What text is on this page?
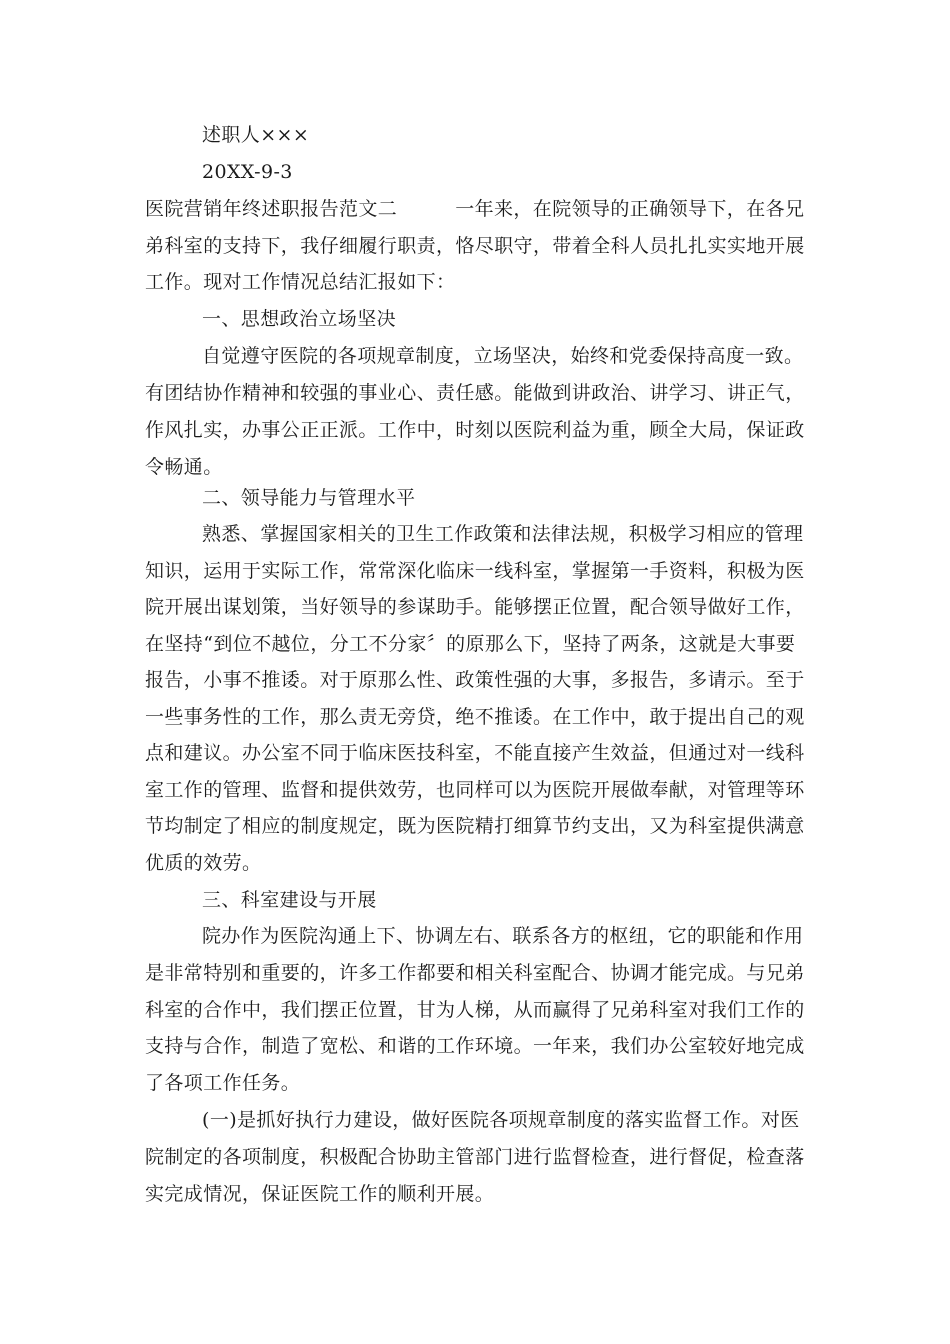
述职人×××
20XX-9-3
医院营销年终述职报告范文二	一年来，在院领导的正确领导下，在各兄
弟科室的支持下，我仔细履行职责，恪尽职守，带着全科人员扎扎实实地开展
工作。现对工作情况总结汇报如下：
一、思想政治立场坚决
自觉遵守医院的各项规章制度，立场坚决，始终和党委保持高度一致。
有团结协作精神和较强的事业心、责任感。能做到讲政治、讲学习、讲正气，
作风扎实，办事公正正派。工作中，时刻以医院利益为重，顾全大局，保证政
令畅通。
二、领导能力与管理水平
熟悉、掌握国家相关的卫生工作政策和法律法规，积极学习相应的管理
知识，运用于实际工作，常常深化临床一线科室，掌握第一手资料，积极为医
院开展出谋划策，当好领导的参谋助手。能够摆正位置，配合领导做好工作，
在坚持“到位不越位，分工不分家〞的原那么下，坚持了两条，这就是大事要
报告，小事不推诿。对于原那么性、政策性强的大事，多报告，多请示。至于
一些事务性的工作，那么责无旁贷，绝不推诿。在工作中，敢于提出自己的观
点和建议。办公室不同于临床医技科室，不能直接产生效益，但通过对一线科
室工作的管理、监督和提供效劳，也同样可以为医院开展做奉献，对管理等环
节均制定了相应的制度规定，既为医院精打细算节约支出，又为科室提供满意
优质的效劳。
三、科室建设与开展
院办作为医院沟通上下、协调左右、联系各方的枢纽，它的职能和作用
是非常特别和重要的，许多工作都要和相关科室配合、协调才能完成。与兄弟
科室的合作中，我们摆正位置，甘为人梯，从而赢得了兄弟科室对我们工作的
支持与合作，制造了宽松、和谐的工作环境。一年来，我们办公室较好地完成
了各项工作任务。
(一)是抓好执行力建设，做好医院各项规章制度的落实监督工作。对医
院制定的各项制度，积极配合协助主管部门进行监督检查，进行督促，检查落
实完成情况，保证医院工作的顺利开展。
